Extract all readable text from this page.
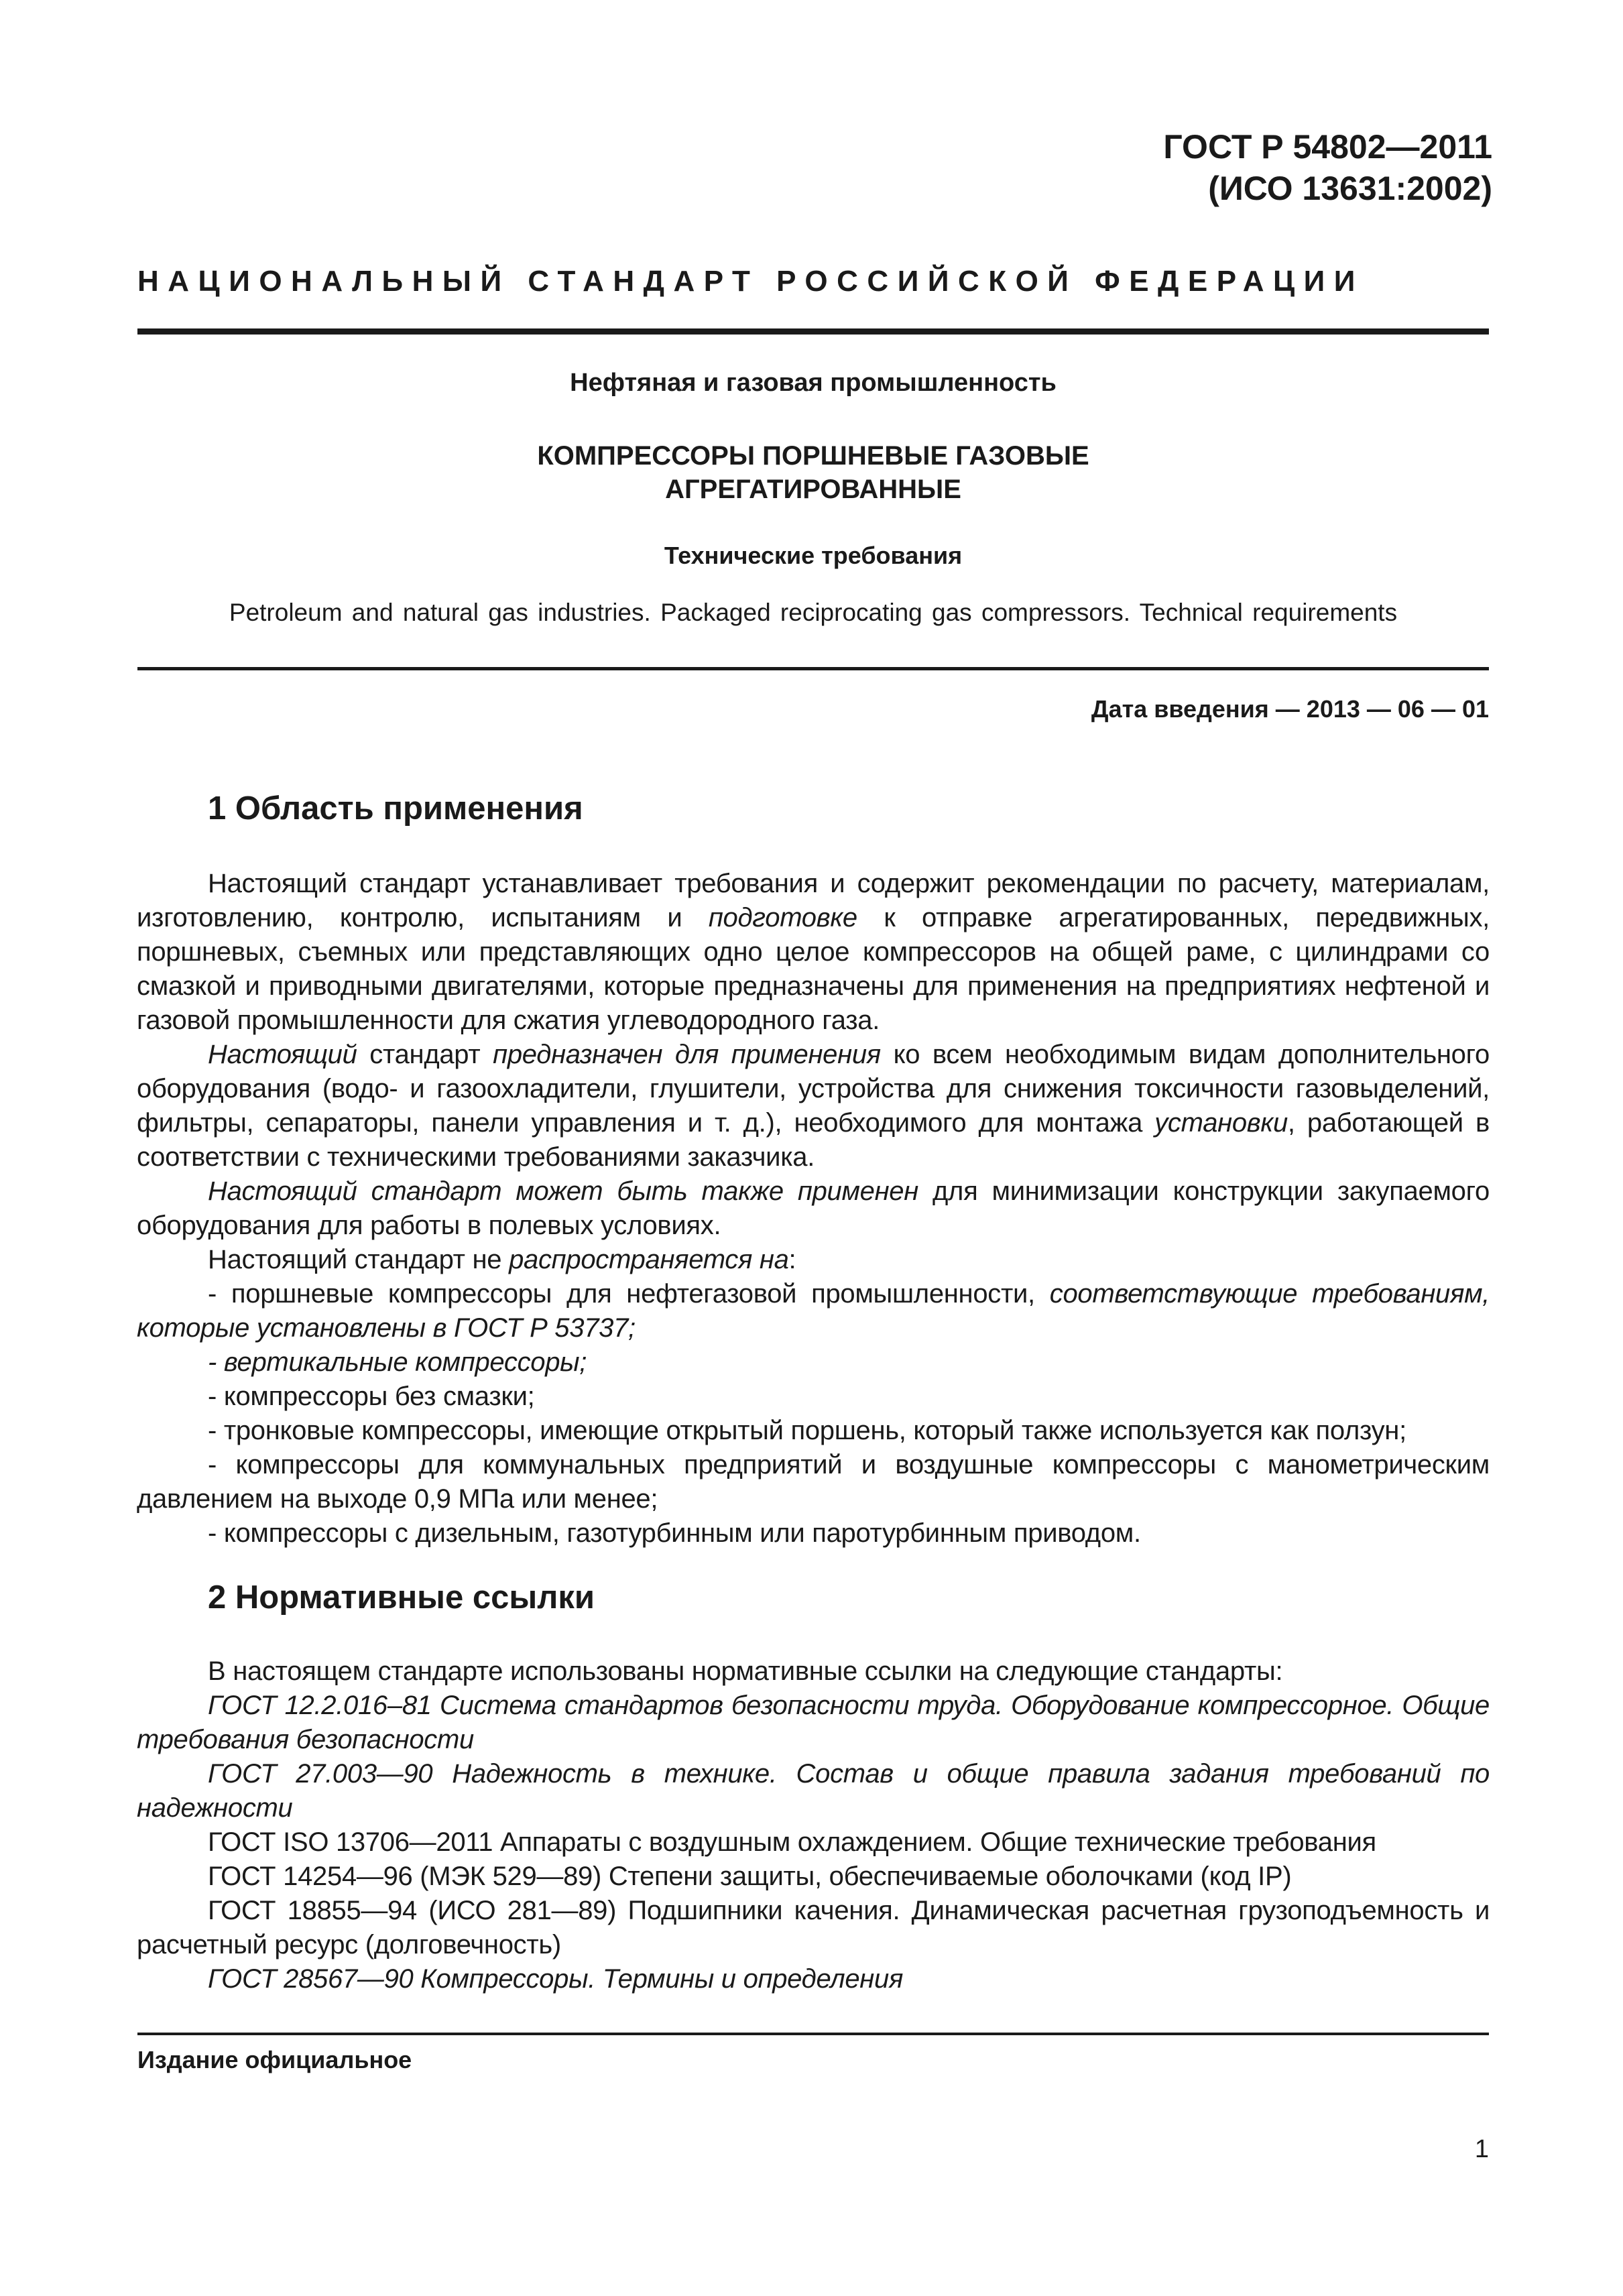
ГОСТ Р 54802—2011
(ИСО 13631:2002)
НАЦИОНАЛЬНЫЙ СТАНДАРТ РОССИЙСКОЙ ФЕДЕРАЦИИ
Нефтяная и газовая промышленность
КОМПРЕССОРЫ ПОРШНЕВЫЕ ГАЗОВЫЕ
АГРЕГАТИРОВАННЫЕ
Технические требования
Petroleum and natural gas industries. Packaged reciprocating gas compressors. Technical requirements
Дата введения — 2013 — 06 — 01
1 Область применения

Настоящий стандарт устанавливает требования и содержит рекомендации по расчету, материалам, изготовлению, контролю, испытаниям и подготовке к отправке агрегатированных, передвижных, поршневых, съемных или представляющих одно целое компрессоров на общей раме, с цилиндрами со смазкой и приводными двигателями, которые предназначены для применения на предприятиях нефтеной и газовой промышленности для сжатия углеводородного газа.

Настоящий стандарт предназначен для применения ко всем необходимым видам дополнительного оборудования (водо- и газоохладители, глушители, устройства для снижения токсичности газовыделений, фильтры, сепараторы, панели управления и т. д.), необходимого для монтажа установки, работающей в соответствии с техническими требованиями заказчика.

Настоящий стандарт может быть также применен для минимизации конструкции закупаемого оборудования для работы в полевых условиях.

Настоящий стандарт не распространяется на:

- поршневые компрессоры для нефтегазовой промышленности, соответствующие требованиям, которые установлены в ГОСТ Р 53737;

- вертикальные компрессоры;

- компрессоры без смазки;

- тронковые компрессоры, имеющие открытый поршень, который также используется как ползун;

- компрессоры для коммунальных предприятий и воздушные компрессоры с манометрическим давлением на выходе 0,9 МПа или менее;

- компрессоры с дизельным, газотурбинным или паротурбинным приводом.

2 Нормативные ссылки

В настоящем стандарте использованы нормативные ссылки на следующие стандарты:

ГОСТ 12.2.016–81 Система стандартов безопасности труда. Оборудование компрессорное. Общие требования безопасности

ГОСТ 27.003—90 Надежность в технике. Состав и общие правила задания требований по надежности

ГОСТ ISO 13706—2011 Аппараты с воздушным охлаждением. Общие технические требования

ГОСТ 14254—96 (МЭК 529—89) Степени защиты, обеспечиваемые оболочками (код IP)

ГОСТ 18855—94 (ИСО 281—89) Подшипники качения. Динамическая расчетная грузоподъемность и расчетный ресурс (долговечность)

ГОСТ 28567—90 Компрессоры. Термины и определения

Издание официальное
1
